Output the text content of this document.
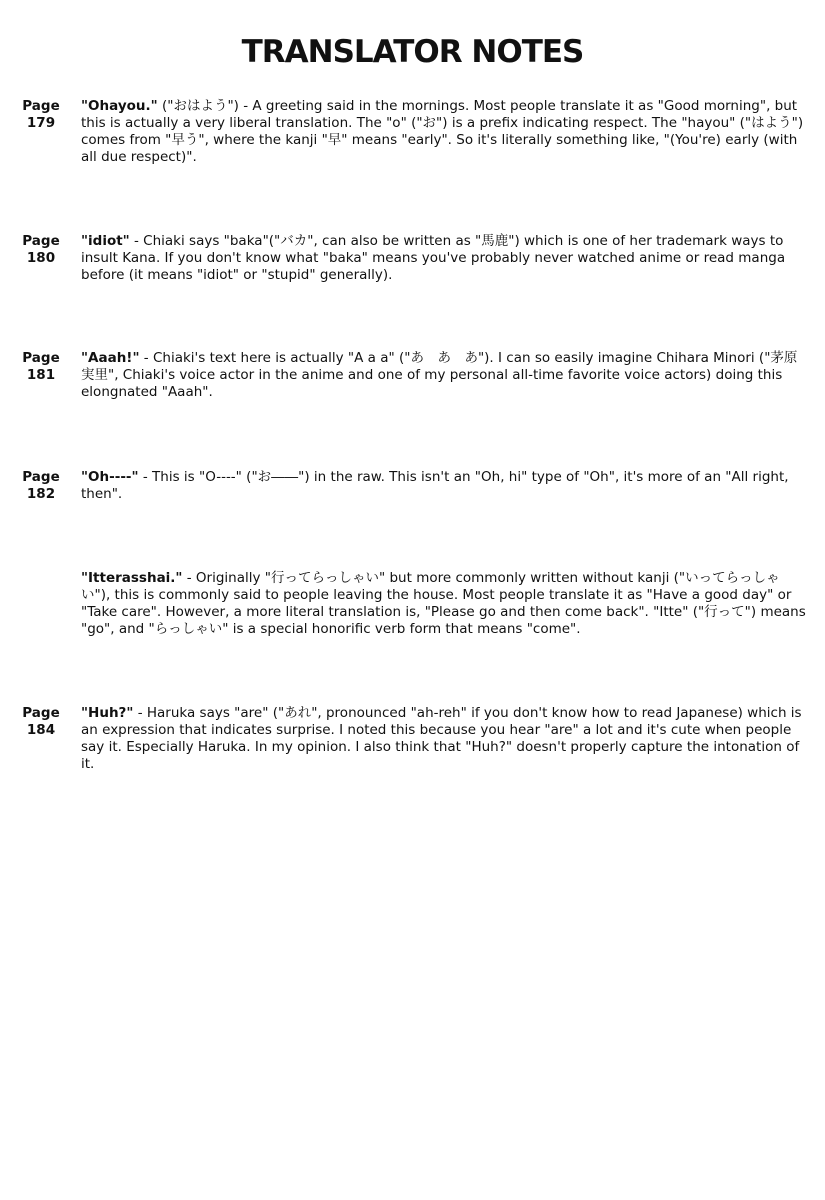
TRANSLATOR NOTES
Page
179

"Ohayou." ("おはよう") - A greeting said in the mornings. Most people translate it as "Good morning", but this is actually a very liberal translation. The "o" ("お") is a prefix indicating respect. The "hayou" ("はよう") comes from "早う", where the kanji "早" means "early". So it's literally something like, "(You're) early (with all due respect)".

Page
180

"idiot" - Chiaki says "baka"("バカ", can also be written as "馬鹿") which is one of her trademark ways to insult Kana. If you don't know what "baka" means you've probably never watched anime or read manga before (it means "idiot" or "stupid" generally).

Page
181

"Aaah!" - Chiaki's text here is actually "A a a" ("あ　あ　あ"). I can so easily imagine Chihara Minori ("茅原実里", Chiaki's voice actor in the anime and one of my personal all-time favorite voice actors) doing this elongnated "Aaah".

Page
182

"Oh----" - This is "O----" ("お――") in the raw. This isn't an "Oh, hi" type of "Oh", it's more of an "All right, then".

"Itterasshai." - Originally "行ってらっしゃい" but more commonly written without kanji ("いってらっしゃい"), this is commonly said to people leaving the house. Most people translate it as "Have a good day" or "Take care". However, a more literal translation is, "Please go and then come back". "Itte" ("行って") means "go", and "らっしゃい" is a special honorific verb form that means "come".

Page
184

"Huh?" - Haruka says "are" ("あれ", pronounced "ah-reh" if you don't know how to read Japanese) which is an expression that indicates surprise. I noted this because you hear "are" a lot and it's cute when people say it. Especially Haruka. In my opinion. I also think that "Huh?" doesn't properly capture the intonation of it.
